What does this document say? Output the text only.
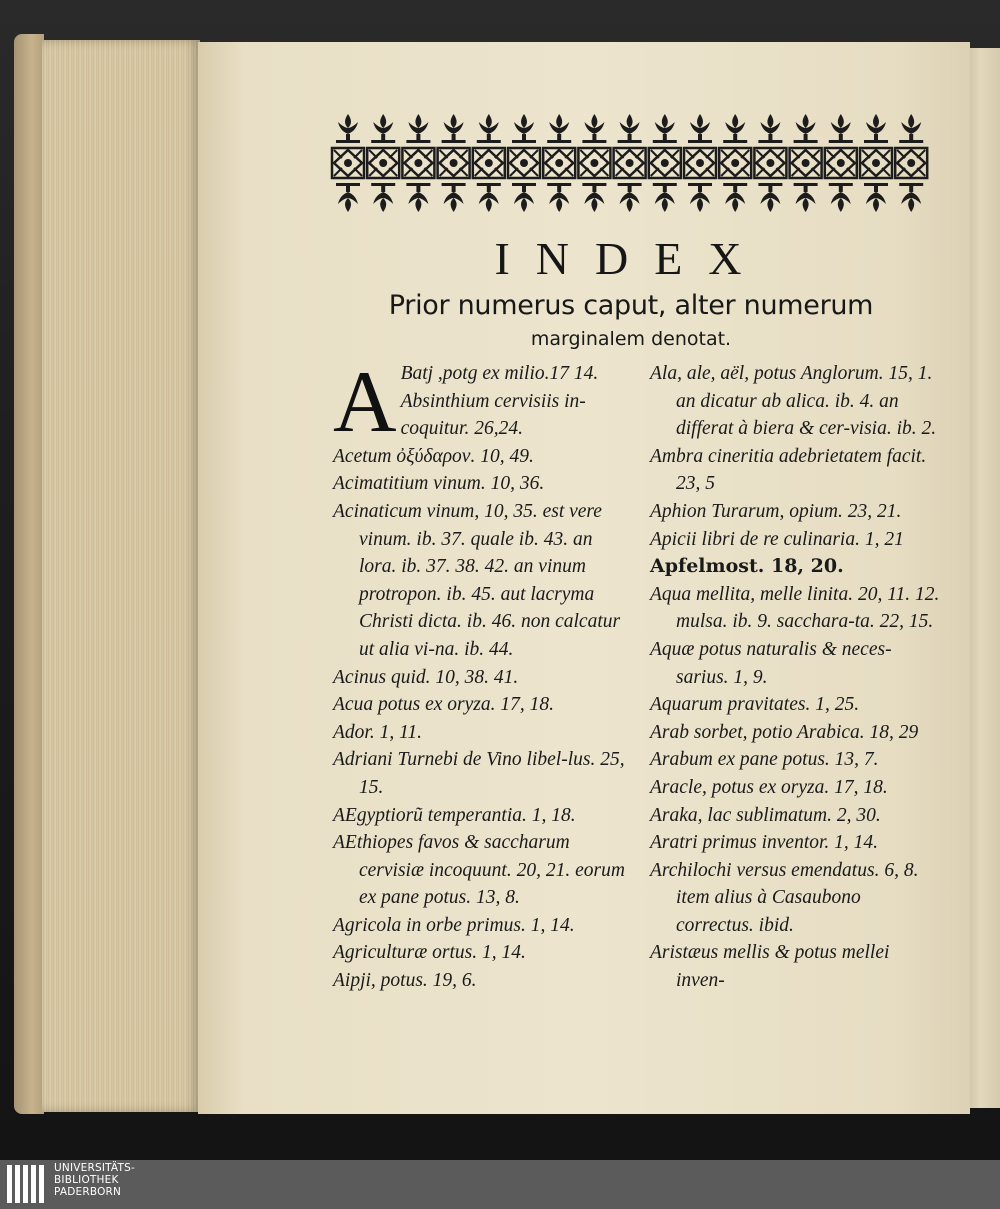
INDEX
Prior numerus caput, alter numerum
marginalem denotat.
A Batj ,potg ex milio.17 14. Absinthium cervisiis in-coquitur. 26,24.

Acetum ὀξύδαρον. 10, 49.

Acimatitium vinum. 10, 36.

Acinaticum vinum, 10, 35. est vere vinum. ib. 37. quale ib. 43. an lora. ib. 37. 38. 42. an vinum protropon. ib. 45. aut lacryma Christi dicta. ib. 46. non calcatur ut alia vi-na. ib. 44.

Acinus quid. 10, 38. 41.

Acua potus ex oryza. 17, 18.

Ador. 1, 11.

Adriani Turnebi de Vino libel-lus. 25, 15.

AEgyptiorũ temperantia. 1, 18.

AEthiopes favos & saccharum cervisiæ incoquunt. 20, 21. eorum ex pane potus. 13, 8.

Agricola in orbe primus. 1, 14.

Agriculturæ ortus. 1, 14.

Aipji, potus. 19, 6.

Ala, ale, aël, potus Anglorum. 15, 1. an dicatur ab alica. ib. 4. an differat à biera & cer-visia. ib. 2.

Ambra cineritia adebrietatem facit. 23, 5

Aphion Turarum, opium. 23, 21.

Apicii libri de re culinaria. 1, 21

Apfelmost. 18, 20.

Aqua mellita, melle linita. 20, 11. 12. mulsa. ib. 9. sacchara-ta. 22, 15.

Aquæ potus naturalis & neces-sarius. 1, 9.

Aquarum pravitates. 1, 25.

Arab sorbet, potio Arabica. 18, 29

Arabum ex pane potus. 13, 7.

Aracle, potus ex oryza. 17, 18.

Araka, lac sublimatum. 2, 30.

Aratri primus inventor. 1, 14.

Archilochi versus emendatus. 6, 8. item alius à Casaubono correctus. ibid.

Aristæus mellis & potus mellei inven-

UNIVERSITÄTS-
BIBLIOTHEK
PADERBORN
